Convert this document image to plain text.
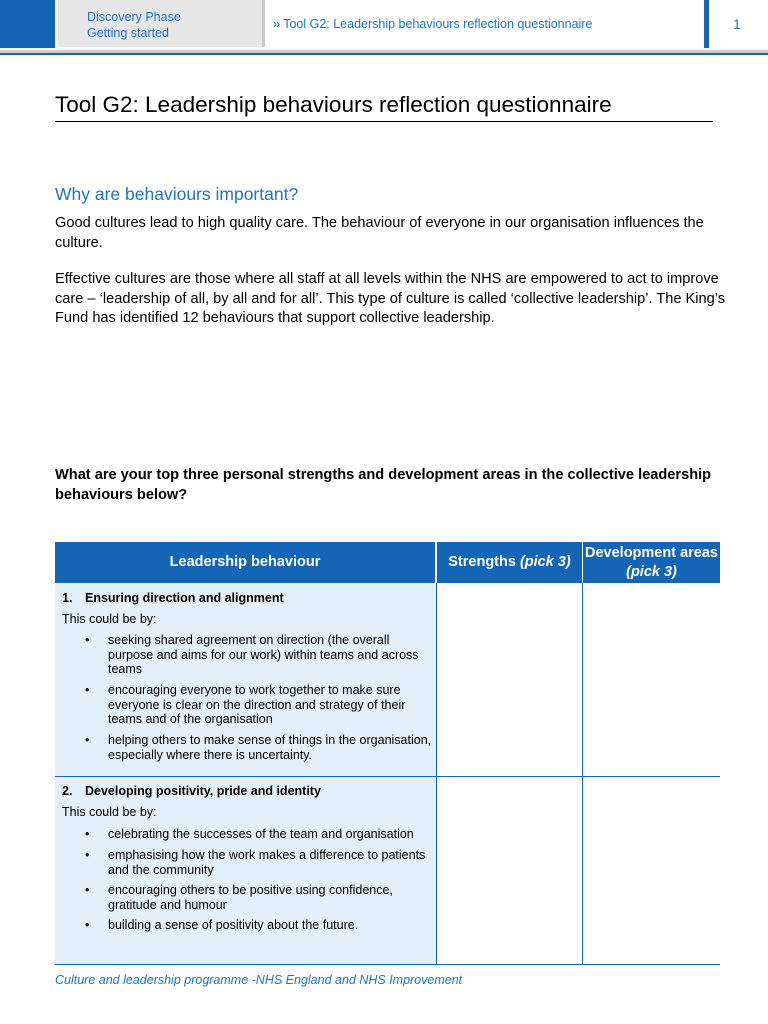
Discovery Phase
Getting started
» Tool G2: Leadership behaviours reflection questionnaire	1
Tool G2: Leadership behaviours reflection questionnaire
Why are behaviours important?
Good cultures lead to high quality care. The behaviour of everyone in our organisation influences the culture.
Effective cultures are those where all staff at all levels within the NHS are empowered to act to improve care – ‘leadership of all, by all and for all’. This type of culture is called ‘collective leadership’. The King’s Fund has identified 12 behaviours that support collective leadership.
What are your top three personal strengths and development areas in the collective leadership behaviours below?
Leadership behaviour	Strengths (pick 3)
Development areas (pick 3)
1. Ensuring direction and alignment
This could be by:
• seeking shared agreement on direction (the overall purpose and aims for our work) within teams and across teams
• encouraging everyone to work together to make sure everyone is clear on the direction and strategy of their teams and of the organisation
• helping others to make sense of things in the organisation, especially where there is uncertainty.
2. Developing positivity, pride and identity
This could be by:
• celebrating the successes of the team and organisation
• emphasising how the work makes a difference to patients and the community
• encouraging others to be positive using confidence, gratitude and humour
• building a sense of positivity about the future.
Culture and leadership programme -NHS England and NHS Improvement
